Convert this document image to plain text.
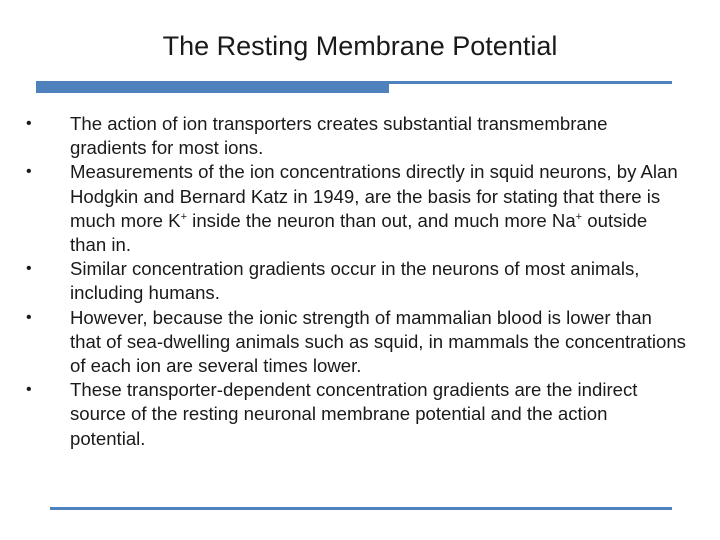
The Resting Membrane Potential
•	The action of ion transporters creates substantial transmembrane gradients for most ions.
•	Measurements of the ion concentrations directly in squid neurons, by Alan Hodgkin and Bernard Katz in 1949, are the basis for stating that there is much more K+ inside the neuron than out, and much more Na+ outside than in.
•	Similar concentration gradients occur in the neurons of most animals, including humans.
•	However, because the ionic strength of mammalian blood is lower than that of sea-dwelling animals such as squid, in mammals the concentrations of each ion are several times lower.
•	These transporter-dependent concentration gradients are the indirect source of the resting neuronal membrane potential and the action potential.
